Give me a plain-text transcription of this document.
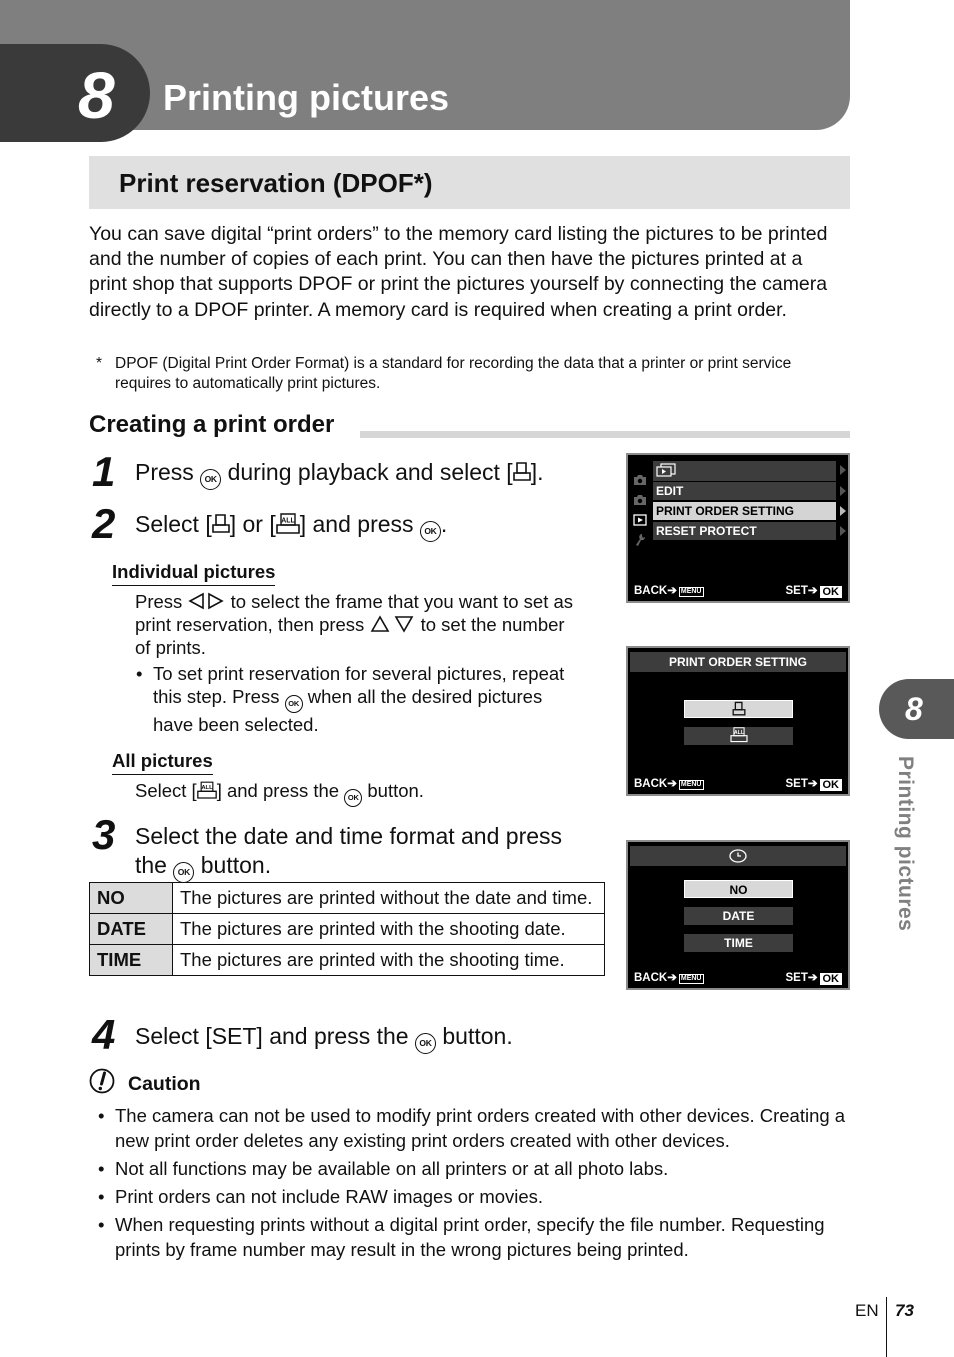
8 Printing pictures
Print reservation (DPOF*)

You can save digital “print orders” to the memory card listing the pictures to be printed and the number of copies of each print. You can then have the pictures printed at a print shop that supports DPOF or print the pictures yourself by connecting the camera directly to a DPOF printer. A memory card is required when creating a print order.

* DPOF (Digital Print Order Format) is a standard for recording the data that a printer or print service requires to automatically print pictures.
Creating a print order
1 Press OK during playback and select [ ].
2 Select [ ] or [ ALL ] and press OK .
Individual pictures
Press	to select the frame that you want to set as
print reservation, then press	to set the number
of prints.
• To set print reservation for several pictures, repeat
this step. Press OK when all the desired pictures
have been selected.
All pictures
Select [ ALL ] and press the OK button.
3 Select the date and time format and press
the OK button.
NO	The pictures are printed without the date and time.
DATE	The pictures are printed with the shooting date.
TIME	The pictures are printed with the shooting time.
4 Select [SET] and press the OK button.
Caution
• The camera can not be used to modify print orders created with other devices. Creating a new print order deletes any existing print orders created with other devices.
• Not all functions may be available on all printers or at all photo labs.
• Print orders can not include RAW images or movies.
• When requesting prints without a digital print order, specify the file number. Requesting prints by frame number may result in the wrong pictures being printed.
EDIT
PRINT ORDER SETTING
RESET PROTECT
BACK➔ MENU	SET➔ OK
PRINT ORDER SETTING
ALL
BACK➔ MENU	SET➔ OK
NO
DATE
TIME
BACK➔ MENU	SET➔ OK
8
Printing pictures
EN 73
